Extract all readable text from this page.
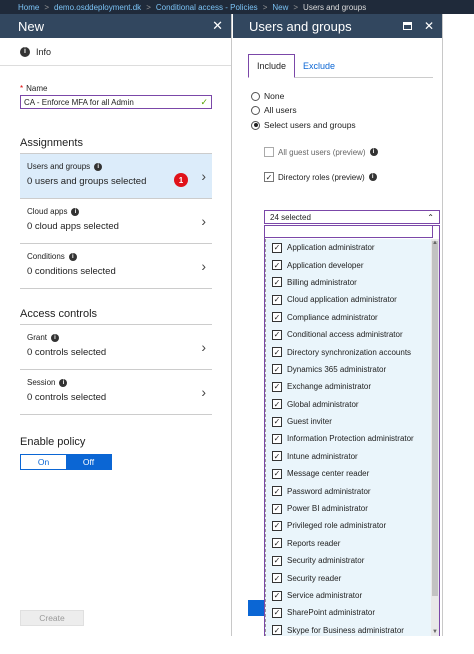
Home > demo.osddeployment.dk > Conditional access - Policies > New > Users and groups
New	✕
i	Info
* Name
CA - Enforce MFA for all Admin	✓
Assignments
Users and groups	i
0 users and groups selected	›
Cloud apps	i
0 cloud apps selected	›
Conditions	i
0 conditions selected	›
Access controls
Grant	i
0 controls selected	›
Session	i
0 controls selected	›
Enable policy
On	Off
Create
1
Users and groups	✕
Include	Exclude
None
All users
Select users and groups
All guest users (preview)	i
✓ Directory roles (preview)	i
24 selected	⌃
✓ Application administrator
✓ Application developer
✓ Billing administrator
✓ Cloud application administrator
✓ Compliance administrator
✓ Conditional access administrator
✓ Directory synchronization accounts
✓ Dynamics 365 administrator
✓ Exchange administrator
✓ Global administrator
✓ Guest inviter
✓ Information Protection administrator
✓ Intune administrator
✓ Message center reader
✓ Password administrator
✓ Power BI administrator
✓ Privileged role administrator
✓ Reports reader
✓ Security administrator
✓ Security reader
✓ Service administrator
✓ SharePoint administrator
✓ Skype for Business administrator
▲
▼
